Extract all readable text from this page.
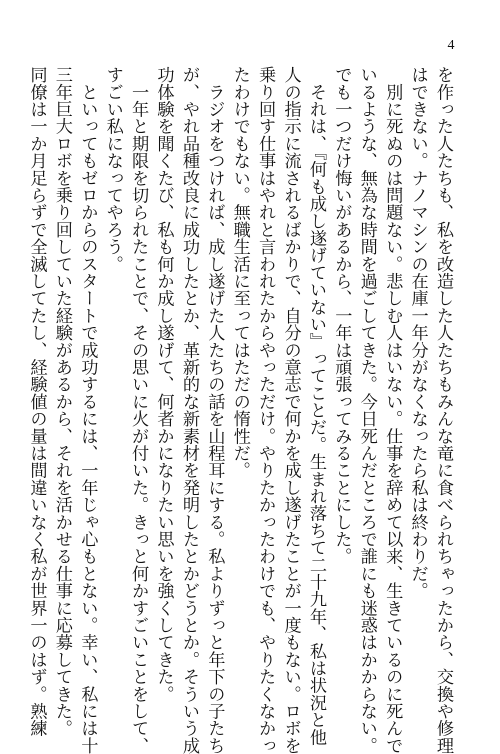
4
を作った人たちも、私を改造した人たちもみんな竜に食べられちゃったから、交換や修理
はできない。ナノマシンの在庫一年分がなくなったら私は終わりだ。
　別に死ぬのは問題ない。悲しむ人はいない。仕事を辞めて以来、生きているのに死んで
いるような、無為な時間を過ごしてきた。今日死んだところで誰にも迷惑はかからない。
でも一つだけ悔いがあるから、一年は頑張ってみることにした。
　それは、『何も成し遂げていない』ってことだ。生まれ落ちて二十九年、私は状況と他
人の指示に流されるばかりで、自分の意志で何かを成し遂げたことが一度もない。ロボを
乗り回す仕事はやれと言われたからやっただけ。やりたかったわけでも、やりたくなかっ
たわけでもない。無職生活に至ってはただの惰性だ。
　ラジオをつければ、成し遂げた人たちの話を山程耳にする。私よりずっと年下の子たち
が、やれ品種改良に成功したとか、革新的な新素材を発明したとかどうとか。そういう成
功体験を聞くたび、私も何か成し遂げて、何者かになりたい思いを強くしてきた。
　一年と期限を切られたことで、その思いに火が付いた。きっと何かすごいことをして、
すごい私になってやろう。
　といってもゼロからのスタートで成功するには、一年じゃ心もとない。幸い、私には十
三年巨大ロボを乗り回していた経験があるから、それを活かせる仕事に応募してきた。
同僚は一か月足らずで全滅してたし、経験値の量は間違いなく私が世界一のはず。熟練
